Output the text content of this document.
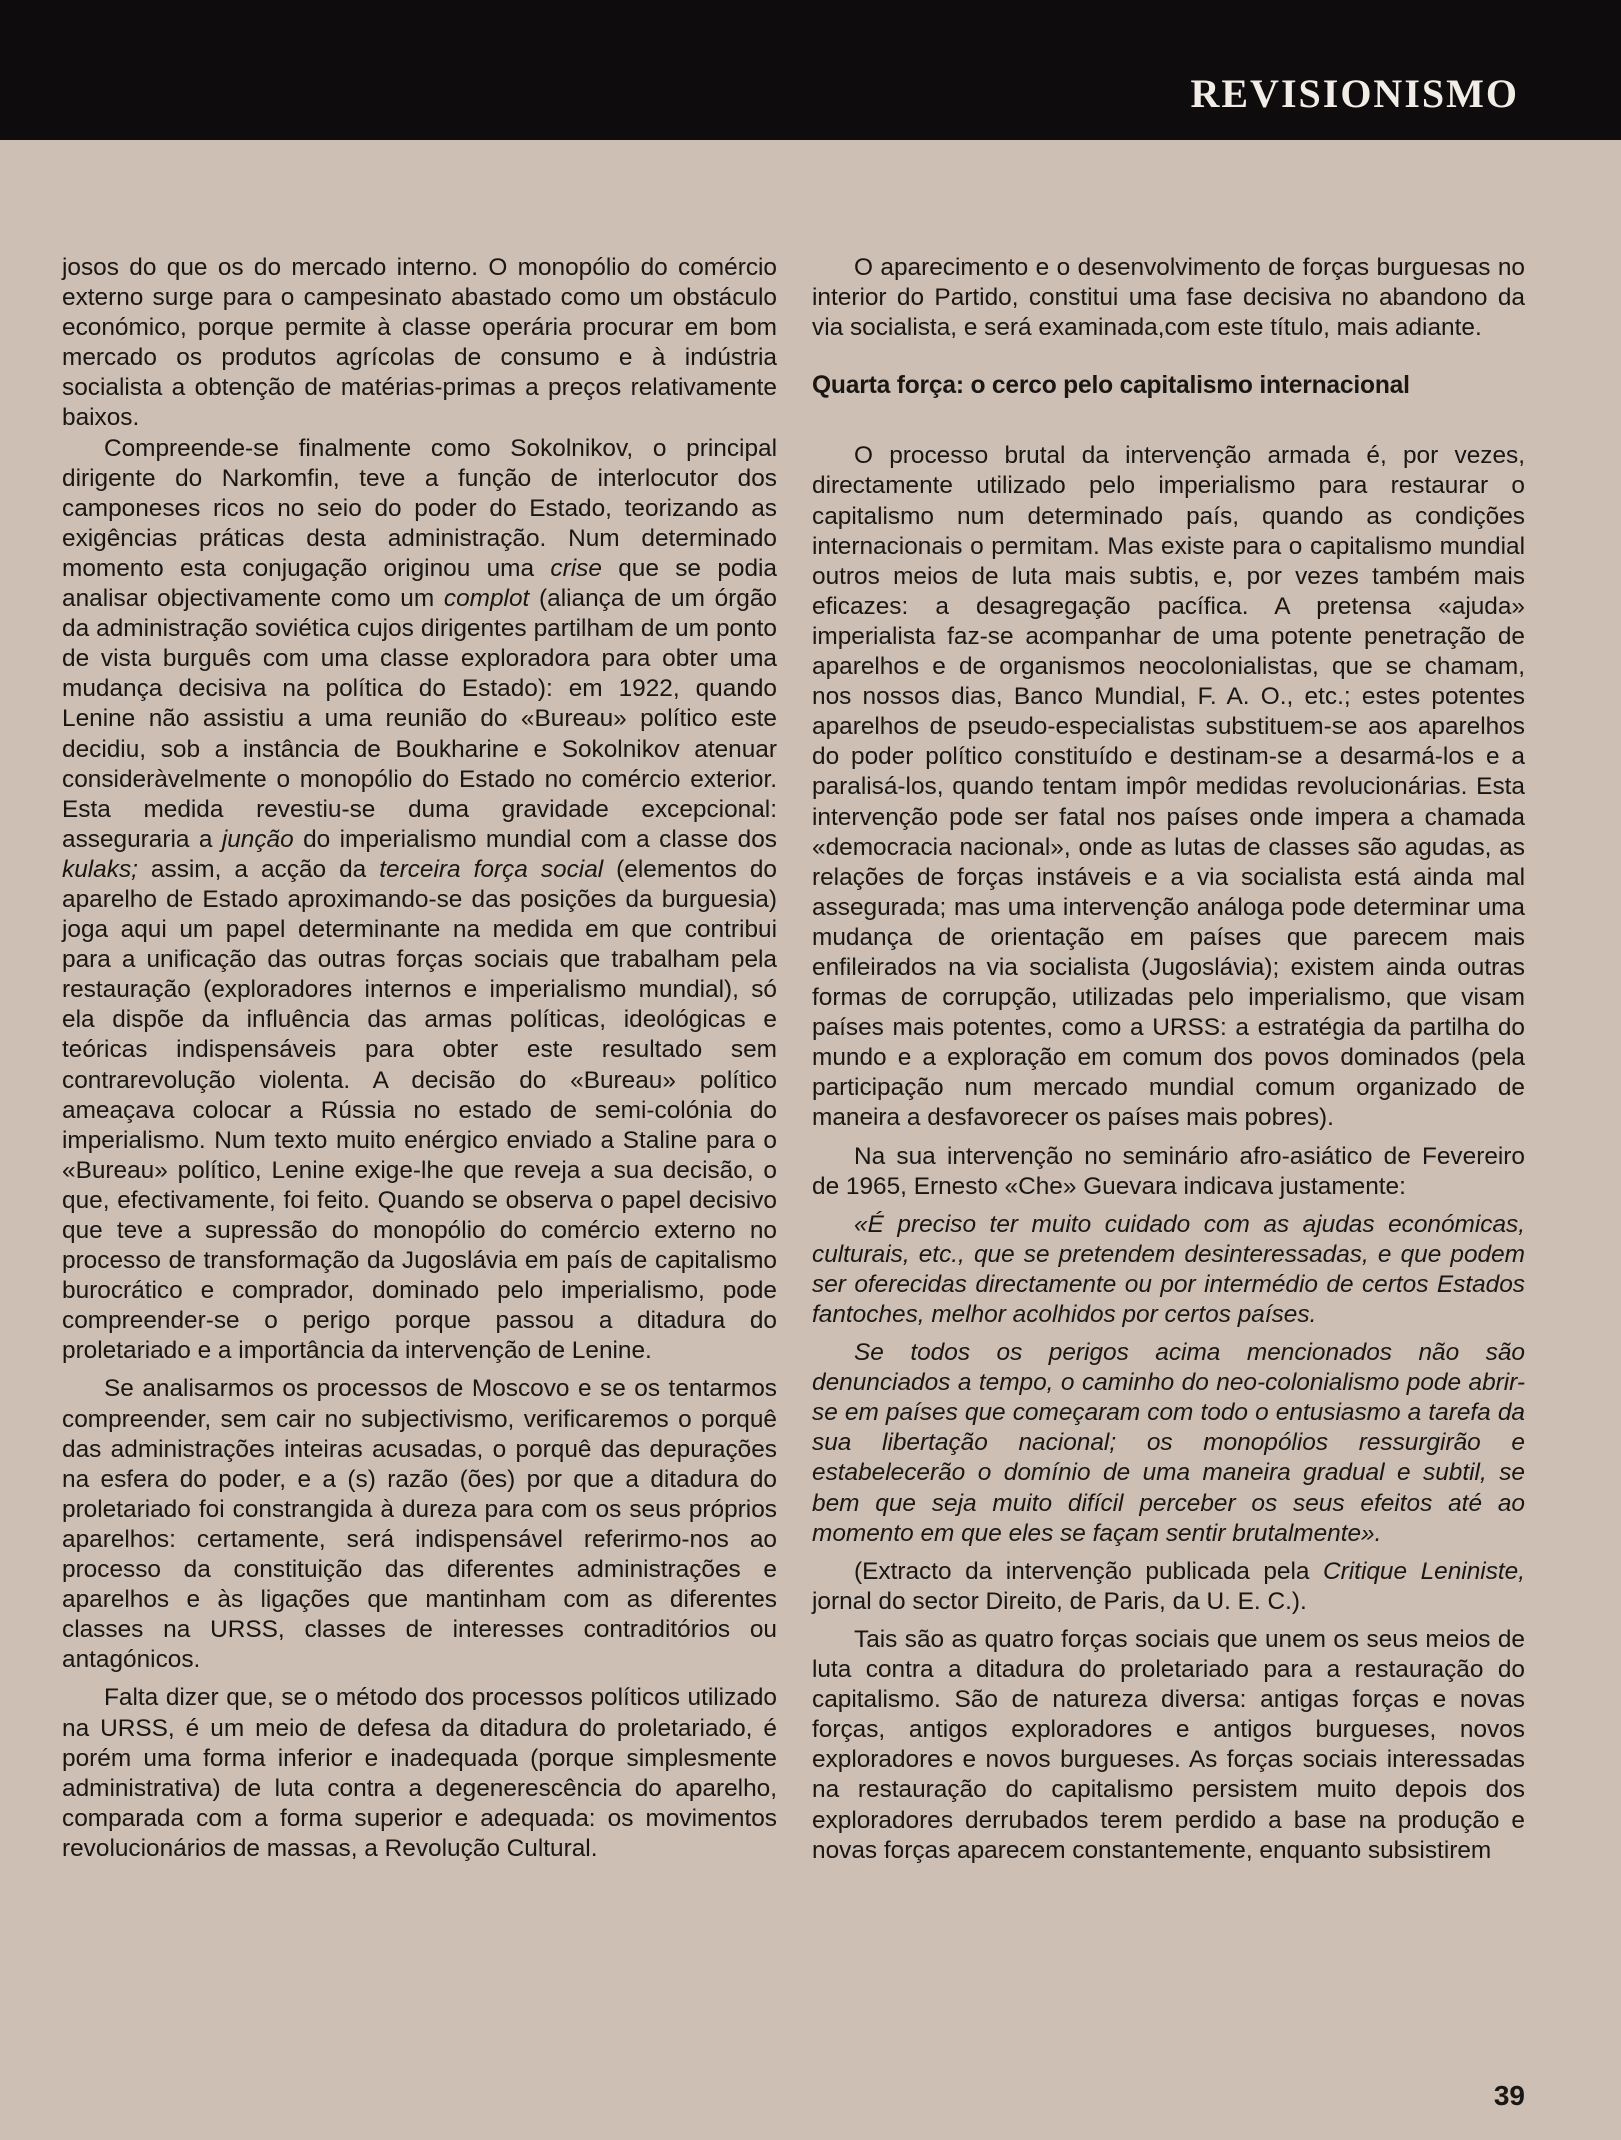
REVISIONISMO

josos do que os do mercado interno. O monopólio do comércio externo surge para o campesinato abastado como um obstáculo económico, porque permite à classe operária procurar em bom mercado os produtos agrícolas de consumo e à indústria socialista a obtenção de matérias-primas a preços relativamente baixos.

Compreende-se finalmente como Sokolnikov, o principal dirigente do Narkomfin, teve a função de interlocutor dos camponeses ricos no seio do poder do Estado, teorizando as exigências práticas desta administração. Num determinado momento esta conjugação originou uma crise que se podia analisar objectivamente como um complot (aliança de um órgão da administração soviética cujos dirigentes partilham de um ponto de vista burguês com uma classe exploradora para obter uma mudança decisiva na política do Estado): em 1922, quando Lenine não assistiu a uma reunião do «Bureau» político este decidiu, sob a instância de Boukharine e Sokolnikov atenuar consideràvelmente o monopólio do Estado no comércio exterior. Esta medida revestiu-se duma gravidade excepcional: asseguraria a junção do imperialismo mundial com a classe dos kulaks; assim, a acção da terceira força social (elementos do aparelho de Estado aproximando-se das posições da burguesia) joga aqui um papel determinante na medida em que contribui para a unificação das outras forças sociais que trabalham pela restauração (exploradores internos e imperialismo mundial), só ela dispõe da influência das armas políticas, ideológicas e teóricas indispensáveis para obter este resultado sem contrarevolução violenta. A decisão do «Bureau» político ameaçava colocar a Rússia no estado de semi-colónia do imperialismo. Num texto muito enérgico enviado a Staline para o «Bureau» político, Lenine exige-lhe que reveja a sua decisão, o que, efectivamente, foi feito. Quando se observa o papel decisivo que teve a supressão do monopólio do comércio externo no processo de transformação da Jugoslávia em país de capitalismo burocrático e comprador, dominado pelo imperialismo, pode compreender-se o perigo porque passou a ditadura do proletariado e a importância da intervenção de Lenine.

Se analisarmos os processos de Moscovo e se os tentarmos compreender, sem cair no subjectivismo, verificaremos o porquê das administrações inteiras acusadas, o porquê das depurações na esfera do poder, e a (s) razão (ões) por que a ditadura do proletariado foi constrangida à dureza para com os seus próprios aparelhos: certamente, será indispensável referirmo-nos ao processo da constituição das diferentes administrações e aparelhos e às ligações que mantinham com as diferentes classes na URSS, classes de interesses contraditórios ou antagónicos.

Falta dizer que, se o método dos processos políticos utilizado na URSS, é um meio de defesa da ditadura do proletariado, é porém uma forma inferior e inadequada (porque simplesmente administrativa) de luta contra a degenerescência do aparelho, comparada com a forma superior e adequada: os movimentos revolucionários de massas, a Revolução Cultural.

O aparecimento e o desenvolvimento de forças burguesas no interior do Partido, constitui uma fase decisiva no abandono da via socialista, e será examinada,com este título, mais adiante.

Quarta força: o cerco pelo capitalismo internacional

O processo brutal da intervenção armada é, por vezes, directamente utilizado pelo imperialismo para restaurar o capitalismo num determinado país, quando as condições internacionais o permitam. Mas existe para o capitalismo mundial outros meios de luta mais subtis, e, por vezes também mais eficazes: a desagregação pacífica. A pretensa «ajuda» imperialista faz-se acompanhar de uma potente penetração de aparelhos e de organismos neocolonialistas, que se chamam, nos nossos dias, Banco Mundial, F. A. O., etc.; estes potentes aparelhos de pseudo-especialistas substituem-se aos aparelhos do poder político constituído e destinam-se a desarmá-los e a paralisá-los, quando tentam impôr medidas revolucionárias. Esta intervenção pode ser fatal nos países onde impera a chamada «democracia nacional», onde as lutas de classes são agudas, as relações de forças instáveis e a via socialista está ainda mal assegurada; mas uma intervenção análoga pode determinar uma mudança de orientação em países que parecem mais enfileirados na via socialista (Jugoslávia); existem ainda outras formas de corrupção, utilizadas pelo imperialismo, que visam países mais potentes, como a URSS: a estratégia da partilha do mundo e a exploração em comum dos povos dominados (pela participação num mercado mundial comum organizado de maneira a desfavorecer os países mais pobres).

Na sua intervenção no seminário afro-asiático de Fevereiro de 1965, Ernesto «Che» Guevara indicava justamente:

«É preciso ter muito cuidado com as ajudas económicas, culturais, etc., que se pretendem desinteressadas, e que podem ser oferecidas directamente ou por intermédio de certos Estados fantoches, melhor acolhidos por certos países.

Se todos os perigos acima mencionados não são denunciados a tempo, o caminho do neo-colonialismo pode abrir-se em países que começaram com todo o entusiasmo a tarefa da sua libertação nacional; os monopólios ressurgirão e estabelecerão o domínio de uma maneira gradual e subtil, se bem que seja muito difícil perceber os seus efeitos até ao momento em que eles se façam sentir brutalmente».

(Extracto da intervenção publicada pela Critique Leniniste, jornal do sector Direito, de Paris, da U. E. C.).

Tais são as quatro forças sociais que unem os seus meios de luta contra a ditadura do proletariado para a restauração do capitalismo. São de natureza diversa: antigas forças e novas forças, antigos exploradores e antigos burgueses, novos exploradores e novos burgueses. As forças sociais interessadas na restauração do capitalismo persistem muito depois dos exploradores derrubados terem perdido a base na produção e novas forças aparecem constantemente, enquanto subsistirem

39
